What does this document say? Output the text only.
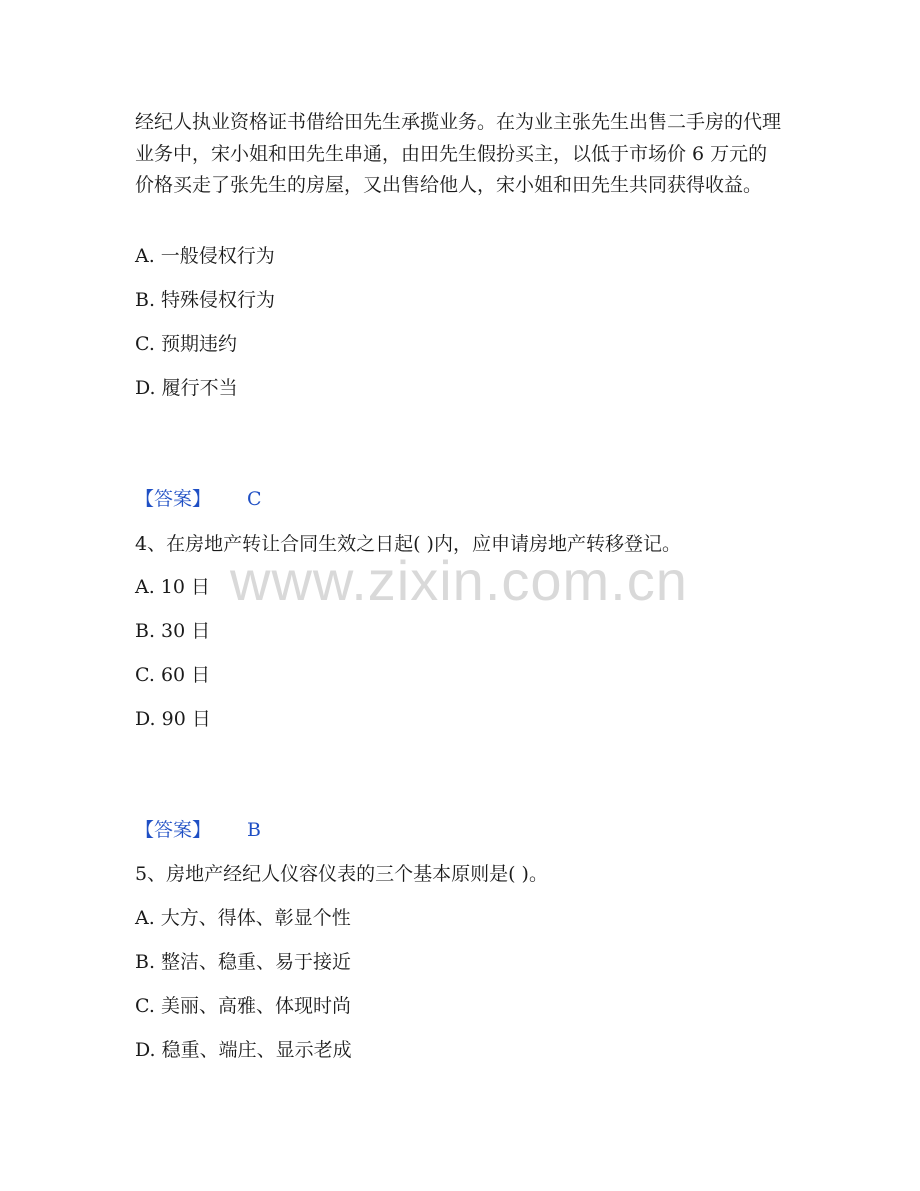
经纪人执业资格证书借给田先生承揽业务。在为业主张先生出售二手房的代理业务中，宋小姐和田先生串通，由田先生假扮买主，以低于市场价 6 万元的价格买走了张先生的房屋，又出售给他人，宋小姐和田先生共同获得收益。

A. 一般侵权行为
B. 特殊侵权行为
C. 预期违约
D. 履行不当
【答案】 C
4、在房地产转让合同生效之日起( )内，应申请房地产转移登记。
A. 10 日
B. 30 日
C. 60 日
D. 90 日
【答案】 B
5、房地产经纪人仪容仪表的三个基本原则是( )。
A. 大方、得体、彰显个性
B. 整洁、稳重、易于接近
C. 美丽、高雅、体现时尚
D. 稳重、端庄、显示老成
www.zixin.com.cn
